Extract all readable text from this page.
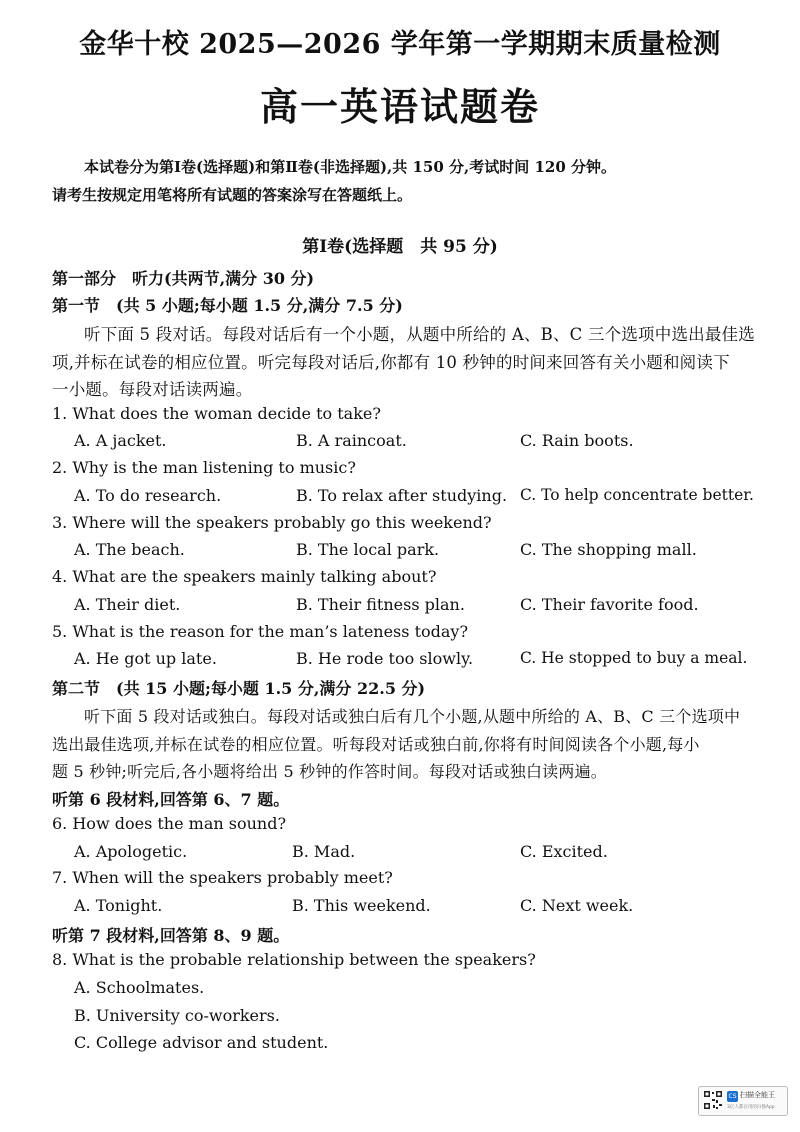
金华十校 2025—2026 学年第一学期期末质量检测
高一英语试题卷
本试卷分为第Ⅰ卷(选择题)和第Ⅱ卷(非选择题),共 150 分,考试时间 120 分钟。
请考生按规定用笔将所有试题的答案涂写在答题纸上。
第Ⅰ卷(选择题　共 95 分)
第一部分　听力(共两节,满分 30 分)
第一节　(共 5 小题;每小题 1.5 分,满分 7.5 分)
听下面 5 段对话。每段对话后有一个小题，从题中所给的 A、B、C 三个选项中选出最佳选
项,并标在试卷的相应位置。听完每段对话后,你都有 10 秒钟的时间来回答有关小题和阅读下
一小题。每段对话读两遍。
1. What does the woman decide to take?
A. A jacket.	B. A raincoat.	C. Rain boots.
2. Why is the man listening to music?
A. To do research.	B. To relax after studying. C. To help concentrate better.
3. Where will the speakers probably go this weekend?
A. The beach.	B. The local park.	C. The shopping mall.
4. What are the speakers mainly talking about?
A. Their diet.	B. Their fitness plan.	C. Their favorite food.
5. What is the reason for the man’s lateness today?
A. He got up late.	B. He rode too slowly.	C. He stopped to buy a meal.
第二节　(共 15 小题;每小题 1.5 分,满分 22.5 分)
听下面 5 段对话或独白。每段对话或独白后有几个小题,从题中所给的 A、B、C 三个选项中
选出最佳选项,并标在试卷的相应位置。听每段对话或独白前,你将有时间阅读各个小题,每小
题 5 秒钟;听完后,各小题将给出 5 秒钟的作答时间。每段对话或独白读两遍。
听第 6 段材料,回答第 6、7 题。
6. How does the man sound?
A. Apologetic.	B. Mad.	C. Excited.
7. When will the speakers probably meet?
A. Tonight.	B. This weekend.	C. Next week.
听第 7 段材料,回答第 8、9 题。
8. What is the probable relationship between the speakers?
A. Schoolmates.
B. University co-workers.
C. College advisor and student.
CS 扫描全能王
3亿人都在用的扫描App
